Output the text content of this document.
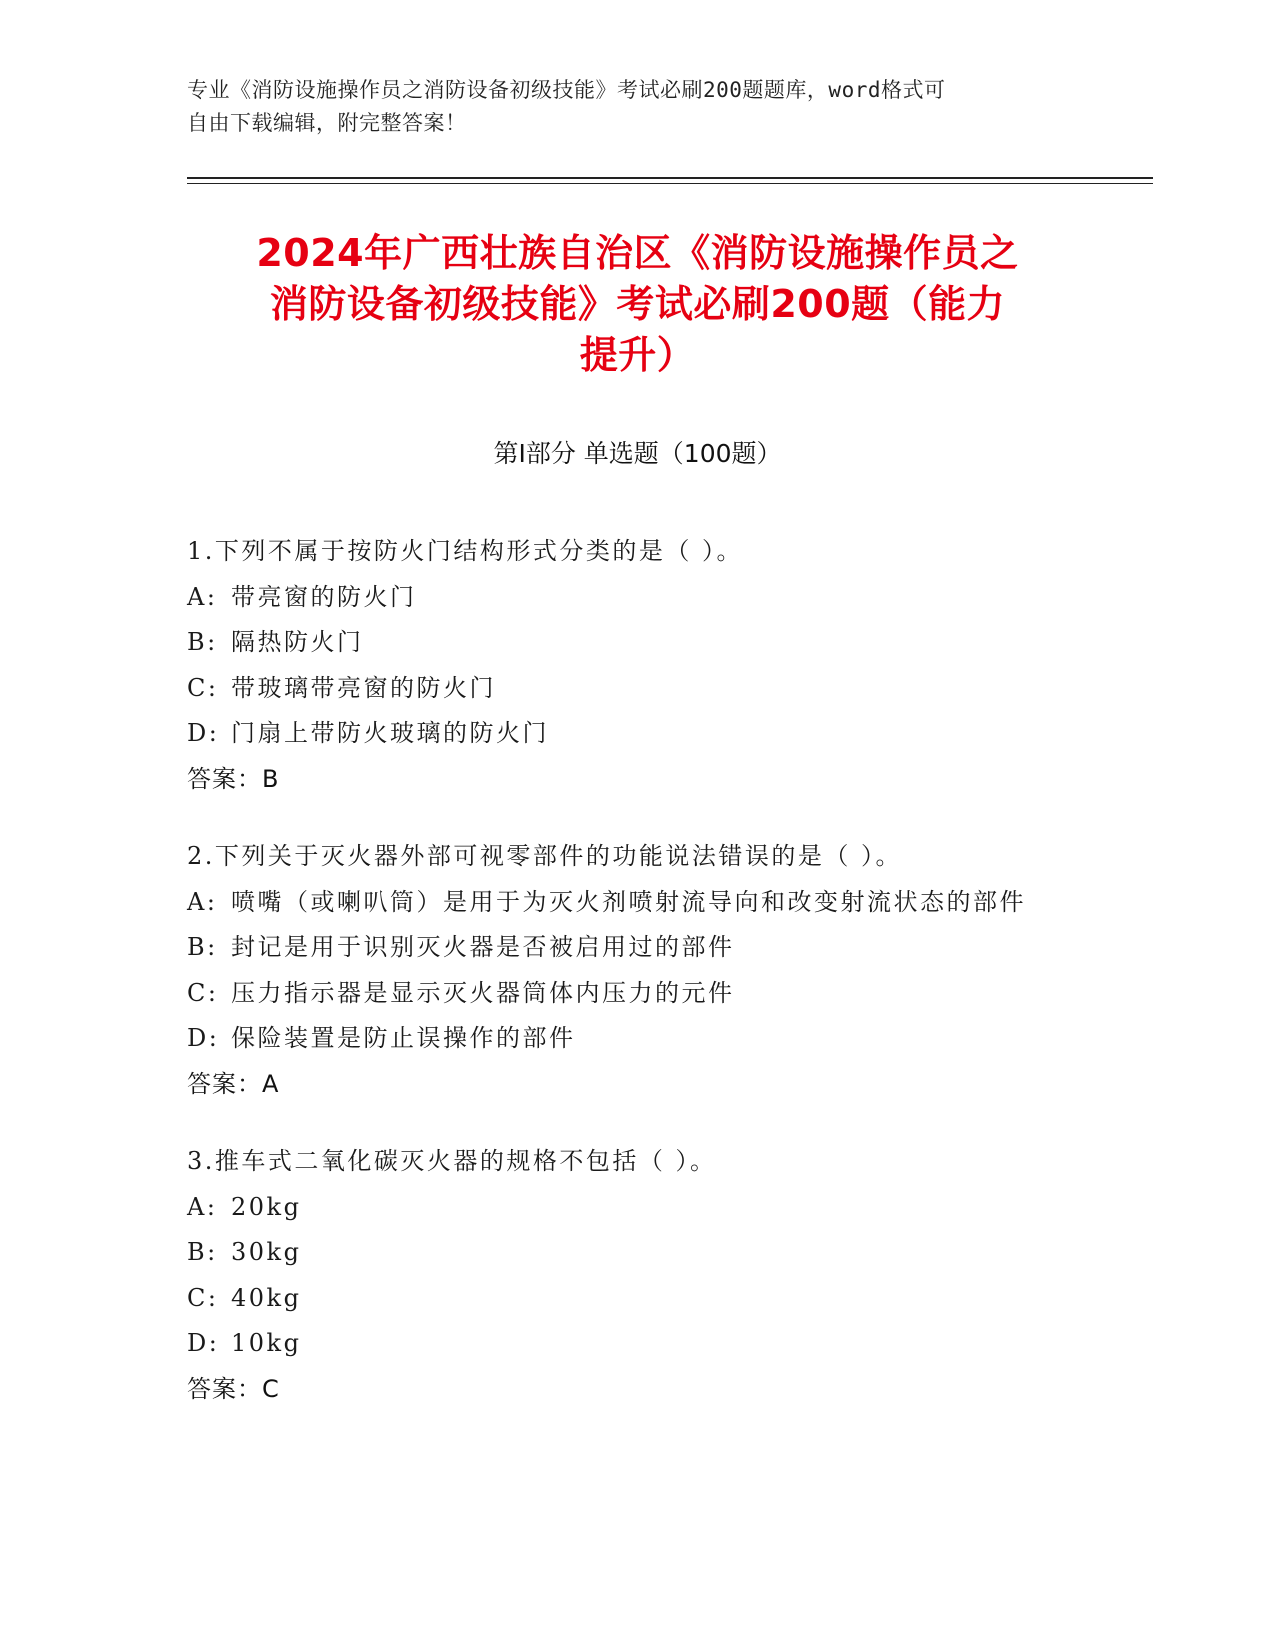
专业《消防设施操作员之消防设备初级技能》考试必刷200题题库，word格式可
自由下载编辑，附完整答案！
2024年广西壮族自治区《消防设施操作员之
消防设备初级技能》考试必刷200题（能力
提升）
第Ⅰ部分 单选题（100题）
1.下列不属于按防火门结构形式分类的是（ ）。
A: 带亮窗的防火门
B: 隔热防火门
C: 带玻璃带亮窗的防火门
D: 门扇上带防火玻璃的防火门
答案：B
2.下列关于灭火器外部可视零部件的功能说法错误的是（ ）。
A: 喷嘴（或喇叭筒）是用于为灭火剂喷射流导向和改变射流状态的部件
B: 封记是用于识别灭火器是否被启用过的部件
C: 压力指示器是显示灭火器筒体内压力的元件
D: 保险装置是防止误操作的部件
答案：A
3.推车式二氧化碳灭火器的规格不包括（ ）。
A: 20kg
B: 30kg
C: 40kg
D: 10kg
答案：C
